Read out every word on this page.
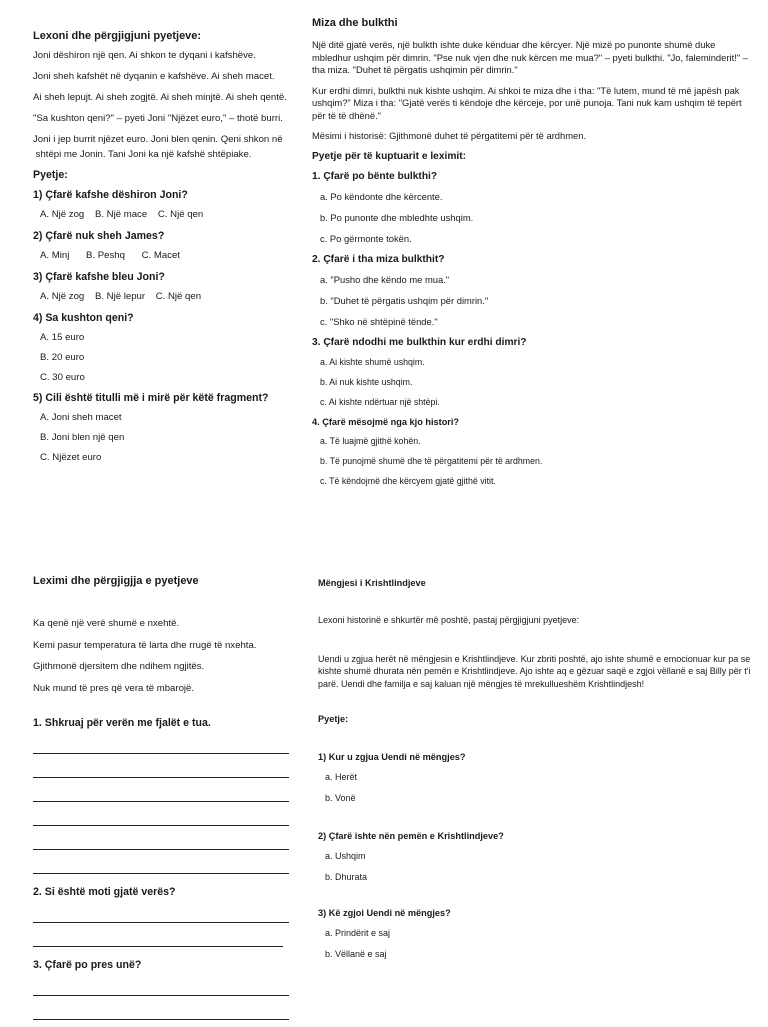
Lexoni dhe përgjigjuni pyetjeve:
Joni dëshiron një qen. Ai shkon te dyqani i kafshëve.
Joni sheh kafshët në dyqanin e kafshëve. Ai sheh macet.
Ai sheh lepujt. Ai sheh zogjtë. Ai sheh minjtë. Ai sheh qentë.
"Sa kushton qeni?" – pyeti Joni "Njëzet euro," – thotë burri.
Joni i jep burrit njëzet euro. Joni blen qenin. Qeni shkon në
shtëpi me Jonin. Tani Joni ka një kafshë shtëpiake.
Pyetje:
1) Çfarë kafshe dëshiron Joni?
A. Një zog B. Një mace C. Një qen
2) Çfarë nuk sheh James?
A. Minj B. Peshq C. Macet
3) Çfarë kafshe bleu Joni?
A. Një zog B. Një lepur C. Një qen
4) Sa kushton qeni?
A. 15 euro
B. 20 euro
C. 30 euro
5) Cili është titulli më i mirë për këtë fragment?
A. Joni sheh macet
B. Joni blen një qen
C. Njëzet euro
Miza dhe bulkthi

Një ditë gjatë verës, një bulkth ishte duke kënduar dhe kërcyer. Një mizë po punonte shumë duke mbledhur ushqim për dimrin. "Pse nuk vjen dhe nuk kërcen me mua?" – pyeti bulkthi. "Jo, faleminderit!" – tha miza. "Duhet të përgatis ushqimin për dimrin."

Kur erdhi dimri, bulkthi nuk kishte ushqim. Ai shkoi te miza dhe i tha: "Të lutem, mund të më japësh pak ushqim?" Miza i tha: "Gjatë verës ti këndoje dhe kërceje, por unë punoja. Tani nuk kam ushqim të tepërt për të të dhënë."

Mësimi i historisë: Gjithmonë duhet të përgatitemi për të ardhmen.

Pyetje për të kuptuarit e leximit:
1. Çfarë po bënte bulkthi?
a. Po këndonte dhe kërcente.
b. Po punonte dhe mbledhte ushqim.
c. Po gërmonte tokën.
2. Çfarë i tha miza bulkthit?
a. "Pusho dhe këndo me mua."
b. "Duhet të përgatis ushqim për dimrin."
c. "Shko në shtëpinë tënde."
3. Çfarë ndodhi me bulkthin kur erdhi dimri?
a. Ai kishte shumë ushqim.
b. Ai nuk kishte ushqim.
c. Ai kishte ndërtuar një shtëpi.
4. Çfarë mësojmë nga kjo histori?
a. Të luajmë gjithë kohën.
b. Të punojmë shumë dhe të përgatitemi për të ardhmen.
c. Të këndojmë dhe kërcyem gjatë gjithë vitit.
Leximi dhe përgjigjja e pyetjeve
Ka qenë një verë shumë e nxehtë.
Kemi pasur temperatura të larta dhe rrugë të nxehta.
Gjithmonë djersitem dhe ndihem ngjitës.
Nuk mund të pres që vera të mbarojë.
1. Shkruaj për verën me fjalët e tua.
2. Si është moti gjatë verës?
3. Çfarë po pres unë?
Mëngjesi i Krishtlindjeve
Lexoni historinë e shkurtër më poshtë, pastaj përgjigjuni pyetjeve:
Uendi u zgjua herët në mëngjesin e Krishtlindjeve. Kur zbriti poshtë, ajo ishte shumë e emocionuar kur pa se kishte shumë dhurata nën pemën e Krishtlindjeve. Ajo ishte aq e gëzuar saqë e zgjoi vëllanë e saj Billy për t'i parë. Uendi dhe familja e saj kaluan një mëngjes të mrekullueshëm Krishtlindjesh!
Pyetje:
1) Kur u zgjua Uendi në mëngjes?
a. Herët
b. Vonë
2) Çfarë ishte nën pemën e Krishtlindjeve?
a. Ushqim
b. Dhurata
3) Kë zgjoi Uendi në mëngjes?
a. Prindërit e saj
b. Vëllanë e saj
